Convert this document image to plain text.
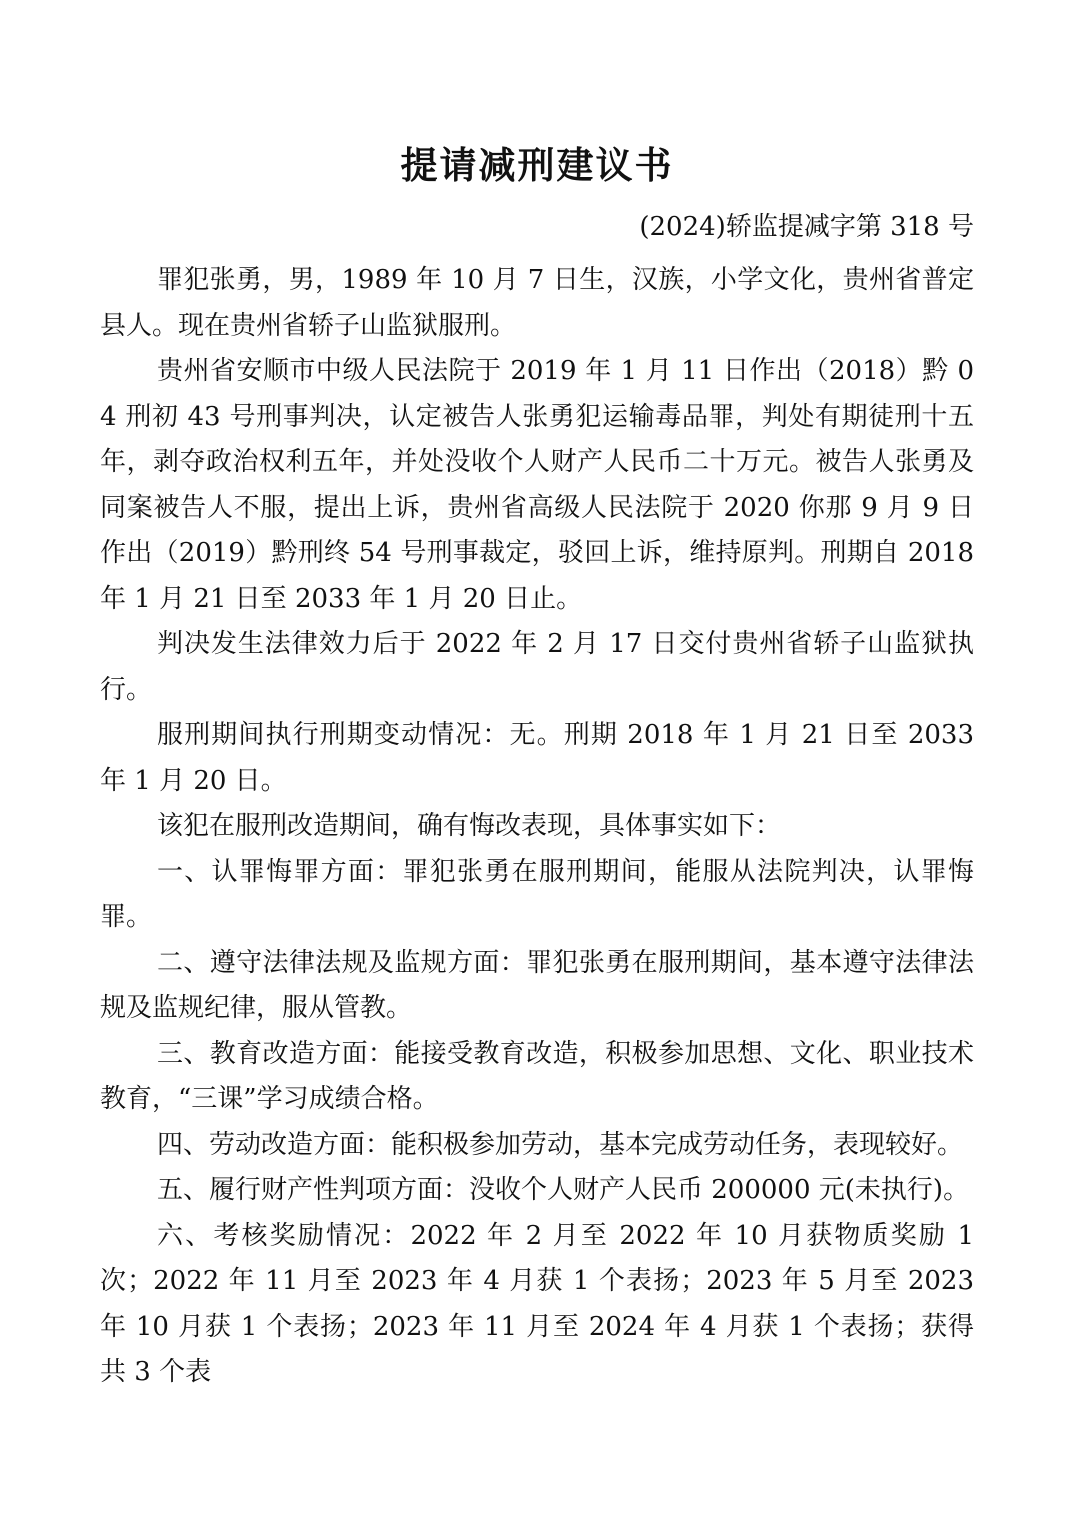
提请减刑建议书
(2024)轿监提减字第 318 号

罪犯张勇，男，1989 年 10 月 7 日生，汉族，小学文化，贵州省普定县人。现在贵州省轿子山监狱服刑。

贵州省安顺市中级人民法院于 2019 年 1 月 11 日作出（2018）黔 04 刑初 43 号刑事判决，认定被告人张勇犯运输毒品罪，判处有期徒刑十五年，剥夺政治权利五年，并处没收个人财产人民币二十万元。被告人张勇及同案被告人不服，提出上诉，贵州省高级人民法院于 2020 你那 9 月 9 日作出（2019）黔刑终 54 号刑事裁定，驳回上诉，维持原判。刑期自 2018 年 1 月 21 日至 2033 年 1 月 20 日止。

判决发生法律效力后于 2022 年 2 月 17 日交付贵州省轿子山监狱执行。

服刑期间执行刑期变动情况：无。刑期 2018 年 1 月 21 日至 2033 年 1 月 20 日。

该犯在服刑改造期间，确有悔改表现，具体事实如下：

一、认罪悔罪方面：罪犯张勇在服刑期间，能服从法院判决，认罪悔罪。

二、遵守法律法规及监规方面：罪犯张勇在服刑期间，基本遵守法律法规及监规纪律，服从管教。

三、教育改造方面：能接受教育改造，积极参加思想、文化、职业技术教育，“三课”学习成绩合格。

四、劳动改造方面：能积极参加劳动，基本完成劳动任务，表现较好。

五、履行财产性判项方面：没收个人财产人民币 200000 元(未执行)。

六、考核奖励情况：2022 年 2 月至 2022 年 10 月获物质奖励 1 次；2022 年 11 月至 2023 年 4 月获 1 个表扬；2023 年 5 月至 2023 年 10 月获 1 个表扬；2023 年 11 月至 2024 年 4 月获 1 个表扬；获得共 3 个表
